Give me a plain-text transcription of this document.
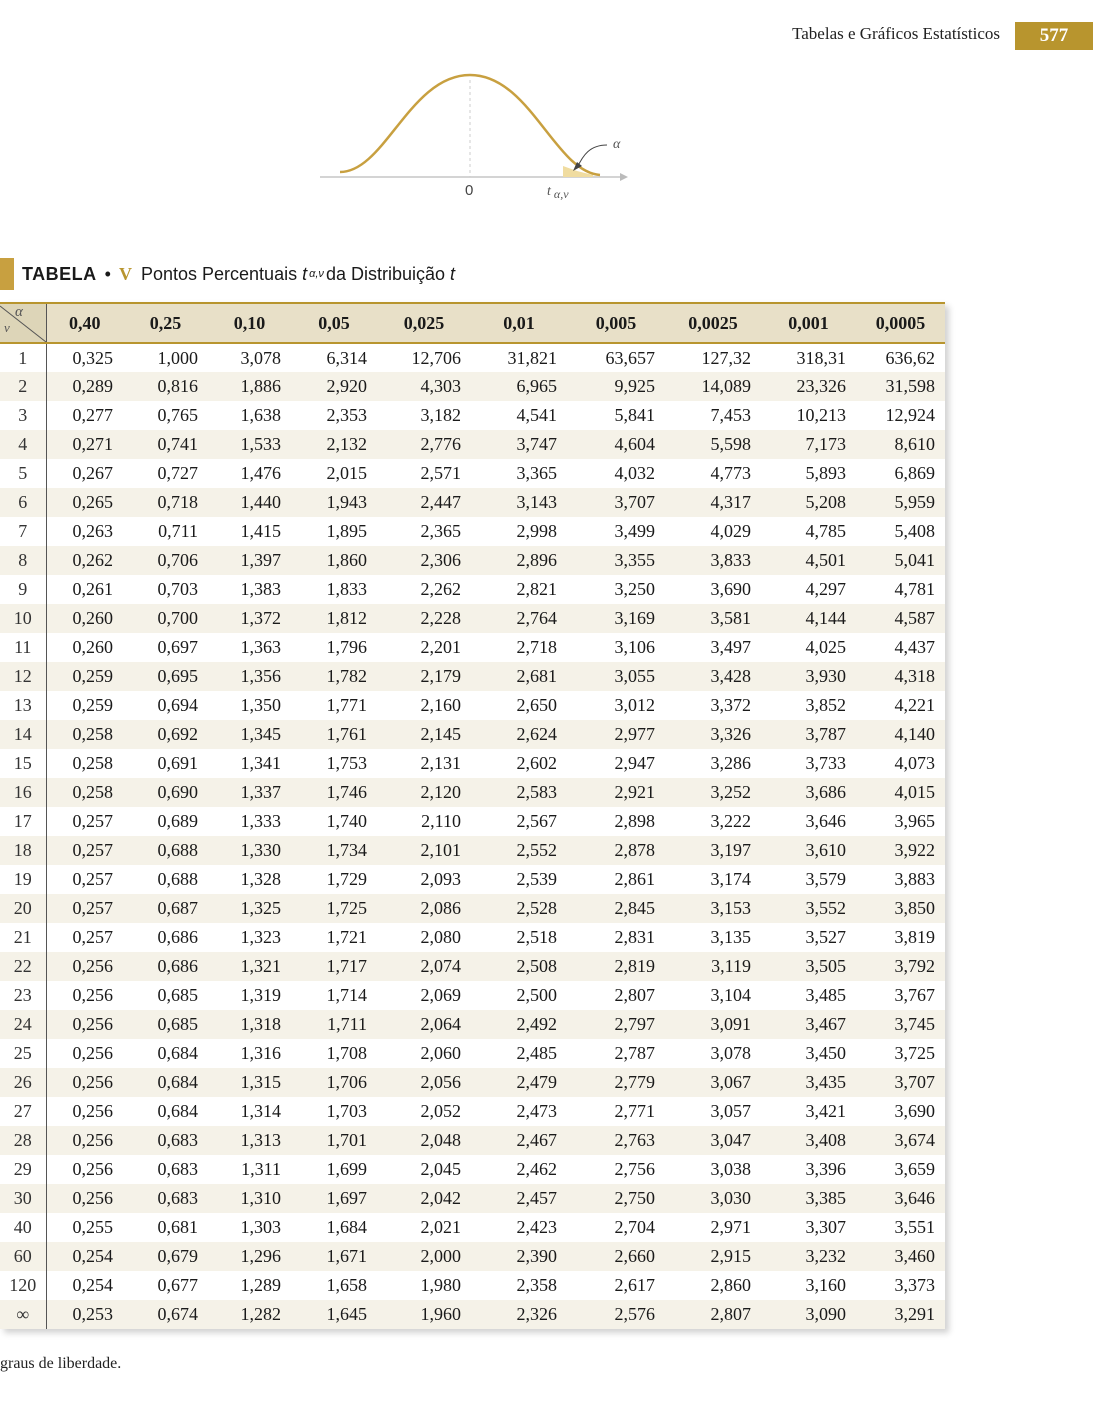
Tabelas e Gráficos Estatísticos	577
α
0	t α,ν
TABELA • V Pontos Percentuais t α,ν da Distribuição t
α
ν	0,40	0,25	0,10	0,05	0,025	0,01	0,005	0,0025	0,001	0,0005
1	0,325	1,000	3,078	6,314	12,706	31,821	63,657	127,32	318,31	636,62
2	0,289	0,816	1,886	2,920	4,303	6,965	9,925	14,089	23,326	31,598
3	0,277	0,765	1,638	2,353	3,182	4,541	5,841	7,453	10,213	12,924
4	0,271	0,741	1,533	2,132	2,776	3,747	4,604	5,598	7,173	8,610
5	0,267	0,727	1,476	2,015	2,571	3,365	4,032	4,773	5,893	6,869
6	0,265	0,718	1,440	1,943	2,447	3,143	3,707	4,317	5,208	5,959
7	0,263	0,711	1,415	1,895	2,365	2,998	3,499	4,029	4,785	5,408
8	0,262	0,706	1,397	1,860	2,306	2,896	3,355	3,833	4,501	5,041
9	0,261	0,703	1,383	1,833	2,262	2,821	3,250	3,690	4,297	4,781
10	0,260	0,700	1,372	1,812	2,228	2,764	3,169	3,581	4,144	4,587
11	0,260	0,697	1,363	1,796	2,201	2,718	3,106	3,497	4,025	4,437
12	0,259	0,695	1,356	1,782	2,179	2,681	3,055	3,428	3,930	4,318
13	0,259	0,694	1,350	1,771	2,160	2,650	3,012	3,372	3,852	4,221
14	0,258	0,692	1,345	1,761	2,145	2,624	2,977	3,326	3,787	4,140
15	0,258	0,691	1,341	1,753	2,131	2,602	2,947	3,286	3,733	4,073
16	0,258	0,690	1,337	1,746	2,120	2,583	2,921	3,252	3,686	4,015
17	0,257	0,689	1,333	1,740	2,110	2,567	2,898	3,222	3,646	3,965
18	0,257	0,688	1,330	1,734	2,101	2,552	2,878	3,197	3,610	3,922
19	0,257	0,688	1,328	1,729	2,093	2,539	2,861	3,174	3,579	3,883
20	0,257	0,687	1,325	1,725	2,086	2,528	2,845	3,153	3,552	3,850
21	0,257	0,686	1,323	1,721	2,080	2,518	2,831	3,135	3,527	3,819
22	0,256	0,686	1,321	1,717	2,074	2,508	2,819	3,119	3,505	3,792
23	0,256	0,685	1,319	1,714	2,069	2,500	2,807	3,104	3,485	3,767
24	0,256	0,685	1,318	1,711	2,064	2,492	2,797	3,091	3,467	3,745
25	0,256	0,684	1,316	1,708	2,060	2,485	2,787	3,078	3,450	3,725
26	0,256	0,684	1,315	1,706	2,056	2,479	2,779	3,067	3,435	3,707
27	0,256	0,684	1,314	1,703	2,052	2,473	2,771	3,057	3,421	3,690
28	0,256	0,683	1,313	1,701	2,048	2,467	2,763	3,047	3,408	3,674
29	0,256	0,683	1,311	1,699	2,045	2,462	2,756	3,038	3,396	3,659
30	0,256	0,683	1,310	1,697	2,042	2,457	2,750	3,030	3,385	3,646
40	0,255	0,681	1,303	1,684	2,021	2,423	2,704	2,971	3,307	3,551
60	0,254	0,679	1,296	1,671	2,000	2,390	2,660	2,915	3,232	3,460
120	0,254	0,677	1,289	1,658	1,980	2,358	2,617	2,860	3,160	3,373
∞	0,253	0,674	1,282	1,645	1,960	2,326	2,576	2,807	3,090	3,291
graus de liberdade.
